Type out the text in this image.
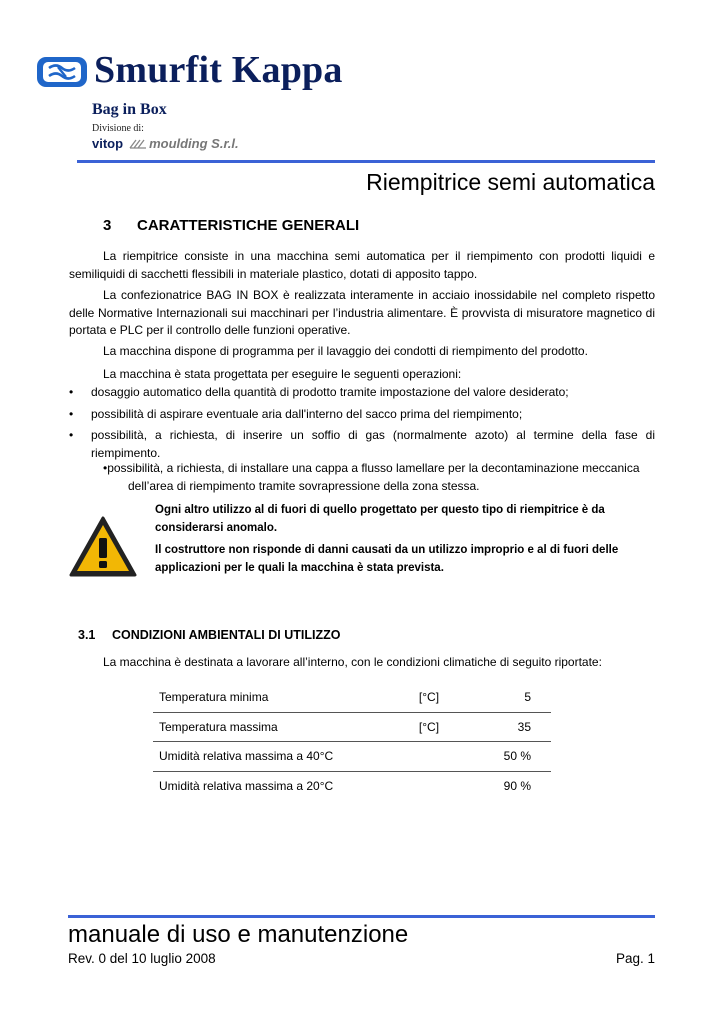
Smurfit Kappa
Bag in Box
Divisione di:
vitop moulding S.r.l.
Riempitrice semi automatica
3 CARATTERISTICHE GENERALI
La riempitrice consiste in una macchina semi automatica per il riempimento con prodotti liquidi e semiliquidi di sacchetti flessibili in materiale plastico, dotati di apposito tappo.
La confezionatrice BAG IN BOX è realizzata interamente in acciaio inossidabile nel completo rispetto delle Normative Internazionali sui macchinari per l’industria alimentare. È provvista di misuratore magnetico di portata e PLC per il controllo delle funzioni operative.
La macchina dispone di programma per il lavaggio dei condotti di riempimento del prodotto.
La macchina è stata progettata per eseguire le seguenti operazioni:
• dosaggio automatico della quantità di prodotto tramite impostazione del valore desiderato;
• possibilità di aspirare eventuale aria dall'interno del sacco prima del riempimento;
• possibilità, a richiesta, di inserire un soffio di gas (normalmente azoto) al termine della fase di riempimento.
•possibilità, a richiesta, di installare una cappa a flusso lamellare per la decontaminazione meccanica
dell’area di riempimento tramite sovrapressione della zona stessa.

Ogni altro utilizzo al di fuori di quello progettato per questo tipo di riempitrice è da considerarsi anomalo.

Il costruttore non risponde di danni causati da un utilizzo improprio e al di fuori delle applicazioni per le quali la macchina è stata prevista.

3.1 CONDIZIONI AMBIENTALI DI UTILIZZO
La macchina è destinata a lavorare all’interno, con le condizioni climatiche di seguito riportate:
Temperatura minima	[°C]	5
Temperatura massima	[°C]	35
Umidità relativa massima a 40°C		50 %
Umidità relativa massima a 20°C		90 %
manuale di uso e manutenzione
Rev. 0 del 10 luglio 2008	Pag. 1
